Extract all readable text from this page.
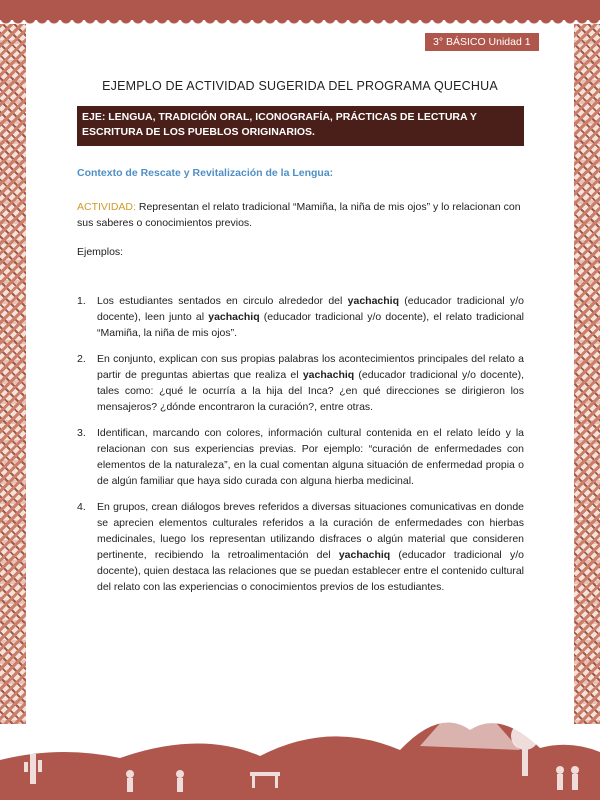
3° BÁSICO Unidad 1
EJEMPLO DE ACTIVIDAD SUGERIDA DEL PROGRAMA QUECHUA
EJE: LENGUA, TRADICIÓN ORAL, ICONOGRAFÍA, PRÁCTICAS DE LECTURA Y ESCRITURA DE LOS PUEBLOS ORIGINARIOS.
Contexto de Rescate y Revitalización de la Lengua:
ACTIVIDAD: Representan el relato tradicional “Mamiña, la niña de mis ojos” y lo relacionan con sus saberes o conocimientos previos.
Ejemplos:
1. Los estudiantes sentados en circulo alrededor del yachachiq (educador tradicional y/o docente), leen junto al yachachiq (educador tradicional y/o docente), el relato tradicional “Mamiña, la niña de mis ojos”.
2. En conjunto, explican con sus propias palabras los acontecimientos principales del relato a partir de preguntas abiertas que realiza el yachachiq (educador tradicional y/o docente), tales como: ¿qué le ocurría a la hija del Inca? ¿en qué direcciones se dirigieron los mensajeros? ¿dónde encontraron la curación?, entre otras.
3. Identifican, marcando con colores, información cultural contenida en el relato leído y la relacionan con sus experiencias previas. Por ejemplo: “curación de enfermedades con elementos de la naturaleza”, en la cual comentan alguna situación de enfermedad propia o de algún familiar que haya sido curada con alguna hierba medicinal.
4. En grupos, crean diálogos breves referidos a diversas situaciones comunicativas en donde se aprecien elementos culturales referidos a la curación de enfermedades con hierbas medicinales, luego los representan utilizando disfraces o algún material que consideren pertinente, recibiendo la retroalimentación del yachachiq (educador tradicional y/o docente), quien destaca las relaciones que se puedan establecer entre el contenido cultural del relato con las experiencias o conocimientos previos de los estudiantes.
